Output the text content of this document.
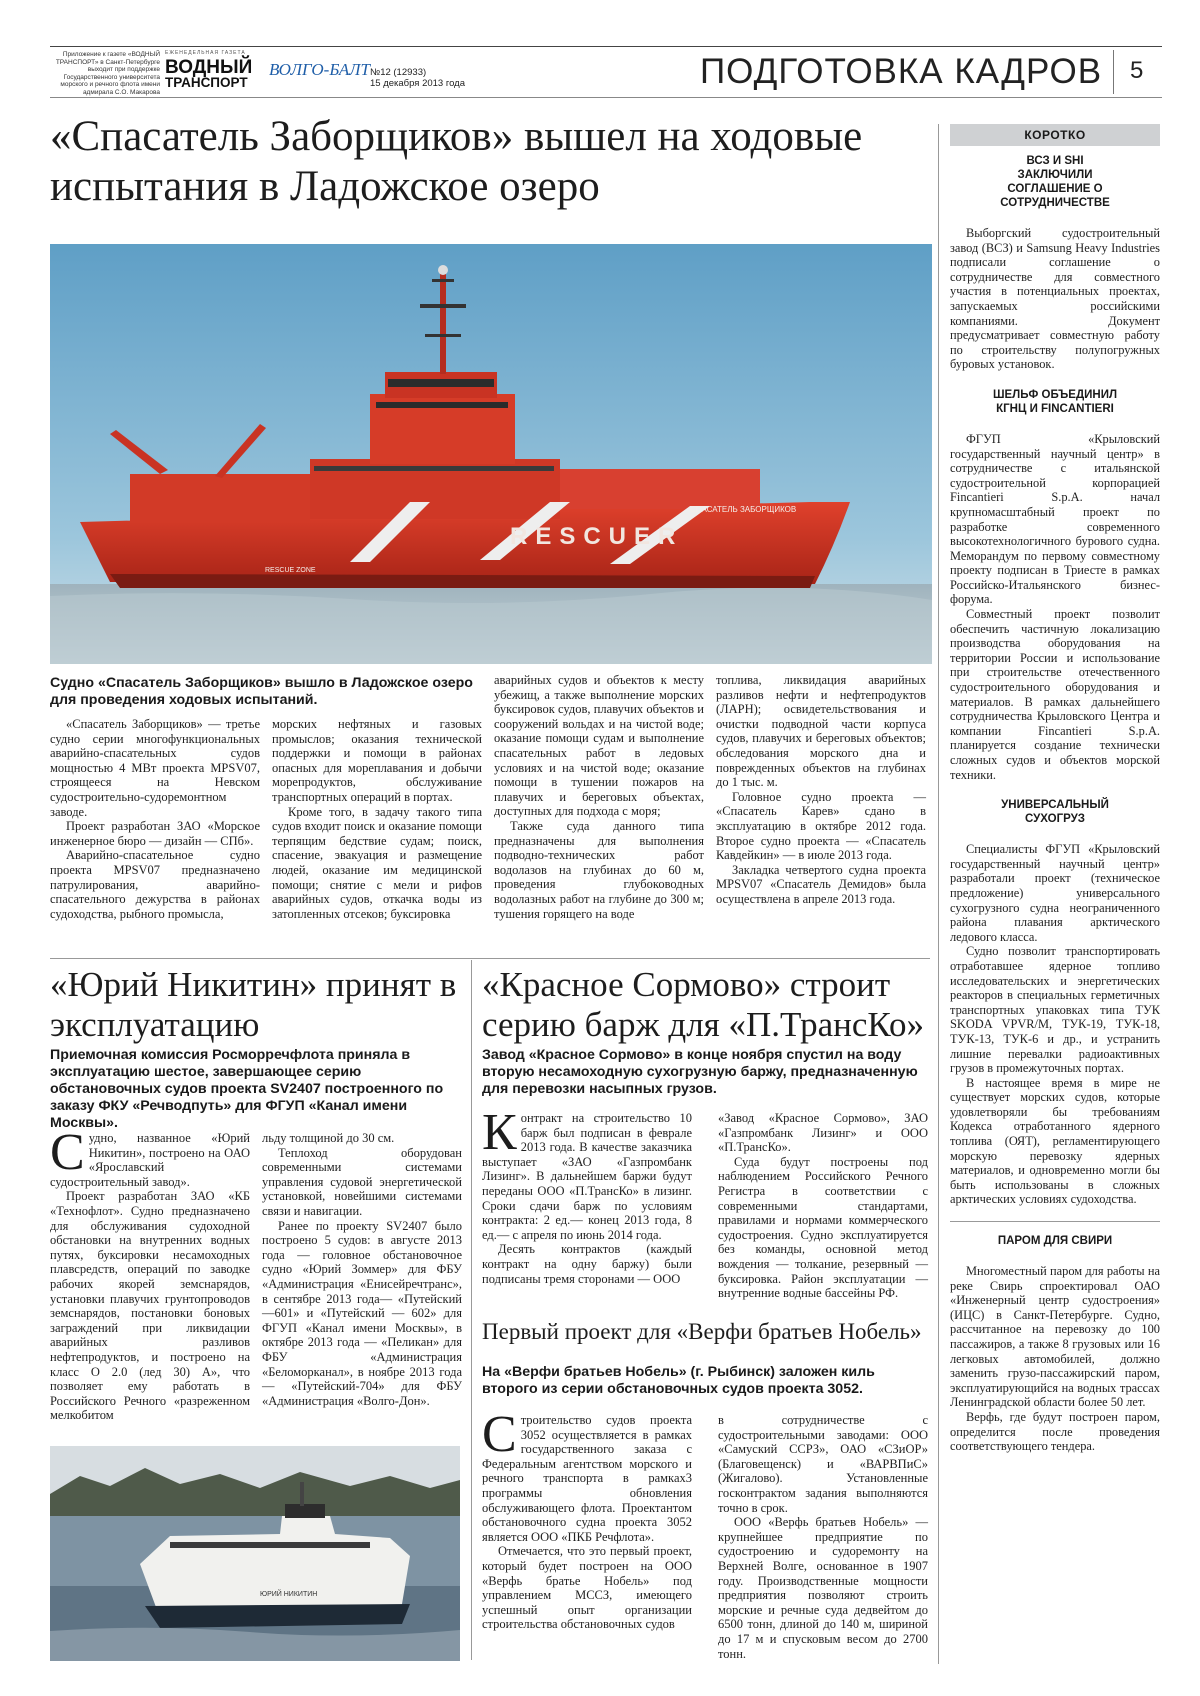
Приложение к газете «ВОДНЫЙ ТРАНСПОРТ» в Санкт-Петербурге выходит при поддержке Государственного университета морского и речного флота имени адмирала С.О. Макарова
ЕЖЕНЕДЕЛЬНАЯ ГАЗЕТА
ВОДНЫЙ
ТРАНСПОРТ
ВОЛГО-БАЛТ №12 (12933)
15 декабря 2013 года	ПОДГОТОВКА КАДРОВ 5
«Спасатель Заборщиков» вышел на ходовые испытания в Ладожское озеро
RESCUER
СПАСАТЕЛЬ ЗАБОРЩИКОВ
RESCUE ZONE
Судно «Спасатель Заборщиков» вышло в Ладожское озеро для проведения ходовых испытаний.

«Спасатель Заборщиков» — третье судно серии многофункциональных аварийно-спасательных судов мощностью 4 МВт проекта MPSV07, строящееся на Невском судостроительно-судоремонтном заводе.

Проект разработан ЗАО «Морское инженерное бюро — дизайн — СПб».

Аварийно-спасательное судно проекта MPSV07 предназначено патрулирования, аварийно-спасательного дежурства в районах судоходства, рыбного промысла,

морских нефтяных и газовых промыслов; оказания технической поддержки и помощи в районах опасных для мореплавания и добычи морепродуктов, обслуживание транспортных операций в портах.

Кроме того, в задачу такого типа судов входит поиск и оказание помощи терпящим бедствие судам; поиск, спасение, эвакуация и размещение людей, оказание им медицинской помощи; снятие с мели и рифов аварийных судов, откачка воды из затопленных отсеков; буксировка

аварийных судов и объектов к месту убежищ, а также выполнение морских буксировок судов, плавучих объектов и сооружений вольдах и на чистой воде; оказание помощи судам и выполнение спасательных работ в ледовых условиях и на чистой воде; оказание помощи в тушении пожаров на плавучих и береговых объектах, доступных для подхода с моря;

Также суда данного типа предназначены для выполнения подводно-технических работ водолазов на глубинах до 60 м, проведения глубоководных водолазных работ на глубине до 300 м; тушения горящего на воде

топлива, ликвидация аварийных разливов нефти и нефтепродуктов (ЛАРН); освидетельствования и очистки подводной части корпуса судов, плавучих и береговых объектов; обследования морского дна и поврежденных объектов на глубинах до 1 тыс. м.

Головное судно проекта — «Спасатель Карев» сдано в эксплуатацию в октябре 2012 года. Второе судно проекта — «Спасатель Кавдейкин» — в июле 2013 года.

Закладка четвертого судна проекта MPSV07 «Спасатель Демидов» была осуществлена в апреле 2013 года.

«Юрий Никитин» принят в эксплуатацию
Приемочная комиссия Росморречфлота приняла в эксплуатацию шестое, завершающее серию обстановочных судов проекта SV2407 построенного по заказу ФКУ «Речводпуть» для ФГУП «Канал имени Москвы».

Судно, названное «Юрий Никитин», построено на ОАО «Ярославский судостроительный завод».

Проект разработан ЗАО «КБ «Технофлот». Судно предназначено для обслуживания судоходной обстановки на внутренних водных путях, буксировки несамоходных плавсредств, операций по заводке рабочих якорей земснарядов, установки плавучих грунтопроводов земснарядов, постановки боновых заграждений при ликвидации аварийных разливов нефтепродуктов, и построено на класс О 2.0 (лед 30) А», что позволяет ему работать в Российского Речного «разреженном мелкобитом

льду толщиной до 30 см.

Теплоход оборудован современными системами управления судовой энергетической установкой, новейшими системами связи и навигации.

Ранее по проекту SV2407 было построено 5 судов: в августе 2013 года — головное обстановочное судно «Юрий Зоммер» для ФБУ «Администрация «Енисейречтранс», в сентябре 2013 года— «Путейский—601» и «Путейский — 602» для ФГУП «Канал имени Москвы», в октябре 2013 года — «Пеликан» для ФБУ «Администрация «Беломорканал», в ноябре 2013 года — «Путейский-704» для ФБУ «Администрация «Волго-Дон».

ЮРИЙ НИКИТИН
«Красное Сормово» строит серию барж для «П.ТрансКо»
Завод «Красное Сормово» в конце ноября спустил на воду вторую несамоходную сухогрузную баржу, предназначенную для перевозки насыпных грузов.

Контракт на строительство 10 барж был подписан в феврале 2013 года. В качестве заказчика выступает «ЗАО «Газпромбанк Лизинг». В дальнейшем баржи будут переданы ООО «П.ТрансКо» в лизинг. Сроки сдачи барж по условиям контракта: 2 ед.— конец 2013 года, 8 ед.— с апреля по июнь 2014 года.

Десять контрактов (каждый контракт на одну баржу) были подписаны тремя сторонами — ООО

«Завод «Красное Сормово», ЗАО «Газпромбанк Лизинг» и ООО «П.ТрансКо».

Суда будут построены под наблюдением Российского Речного Регистра в соответствии с современными стандартами, правилами и нормами коммерческого судостроения. Судно эксплуатируется без команды, основной метод вождения — толкание, резервный — буксировка. Район эксплуатации — внутренние водные бассейны РФ.

Первый проект для «Верфи братьев Нобель»
На «Верфи братьев Нобель» (г. Рыбинск) заложен киль второго из серии обстановочных судов проекта 3052.

Строительство судов проекта 3052 осуществляется в рамках государственного заказа с Федеральным агентством морского и речного транспорта в рамках3 программы обновления обслуживающего флота. Проектантом обстановочного судна проекта 3052 является ООО «ПКБ Речфлота».

Отмечается, что это первый проект, который будет построен на ООО «Верфь братье Нобель» под управлением МССЗ, имеющего успешный опыт организации строительства обстановочных судов

в сотрудничестве с судостроительными заводами: ООО «Самуский ССРЗ», ОАО «СЗиОР» (Благовещенск) и «ВАРВПиС» (Жигалово). Установленные госконтрактом задания выполняются точно в срок.

ООО «Верфь братьев Нобель» — крупнейшее предприятие по судостроению и судоремонту на Верхней Волге, основанное в 1907 году. Производственные мощности предприятия позволяют строить морские и речные суда дедвейтом до 6500 тонн, длиной до 140 м, шириной до 17 м и спусковым весом до 2700 тонн.

КОРОТКО
ВСЗ И SHI ЗАКЛЮЧИЛИ СОГЛАШЕНИЕ О СОТРУДНИЧЕСТВЕ

Выборгский судостроительный завод (ВСЗ) и Samsung Heavy Industries подписали соглашение о сотрудничестве для совместного участия в потенциальных проектах, запускаемых российскими компаниями. Документ предусматривает совместную работу по строительству полупогружных буровых установок.

ШЕЛЬФ ОБЪЕДИНИЛ КГНЦ И FINCANTIERI

ФГУП «Крыловский государственный научный центр» в сотрудничестве с итальянской судостроительной корпорацией Fincantieri S.p.A. начал крупномасштабный проект по разработке современного высокотехнологичного бурового судна. Меморандум по первому совместному проекту подписан в Триесте в рамках Российско-Итальянского бизнес-форума.

Совместный проект позволит обеспечить частичную локализацию производства оборудования на территории России и использование при строительстве отечественного судостроительного оборудования и материалов. В рамках дальнейшего сотрудничества Крыловского Центра и компании Fincantieri S.p.A. планируется создание технически сложных судов и объектов морской техники.

УНИВЕРСАЛЬНЫЙ СУХОГРУЗ

Специалисты ФГУП «Крыловский государственный научный центр» разработали проект (техническое предложение) универсального сухогрузного судна неограниченного района плавания арктического ледового класса.

Судно позволит транспортировать отработавшее ядерное топливо исследовательских и энергетических реакторов в специальных герметичных транспортных упаковках типа ТУК SKODA VPVR/M, ТУК-19, ТУК-18, ТУК-13, ТУК-6 и др., и устранить лишние перевалки радиоактивных грузов в промежуточных портах.

В настоящее время в мире не существует морских судов, которые удовлетворяли бы требованиям Кодекса отработанного ядерного топлива (ОЯТ), регламентирующего морскую перевозку ядерных материалов, и одновременно могли бы быть использованы в сложных арктических условиях судоходства.

ПАРОМ ДЛЯ СВИРИ

Многоместный паром для работы на реке Свирь спроектировал ОАО «Инженерный центр судостроения» (ИЦС) в Санкт-Петербурге. Судно, рассчитанное на перевозку до 100 пассажиров, а также 8 грузовых или 16 легковых автомобилей, должно заменить грузо-пассажирский паром, эксплуатирующийся на водных трассах Ленинградской области более 50 лет.

Верфь, где будут построен паром, определится после проведения соответствующего тендера.
